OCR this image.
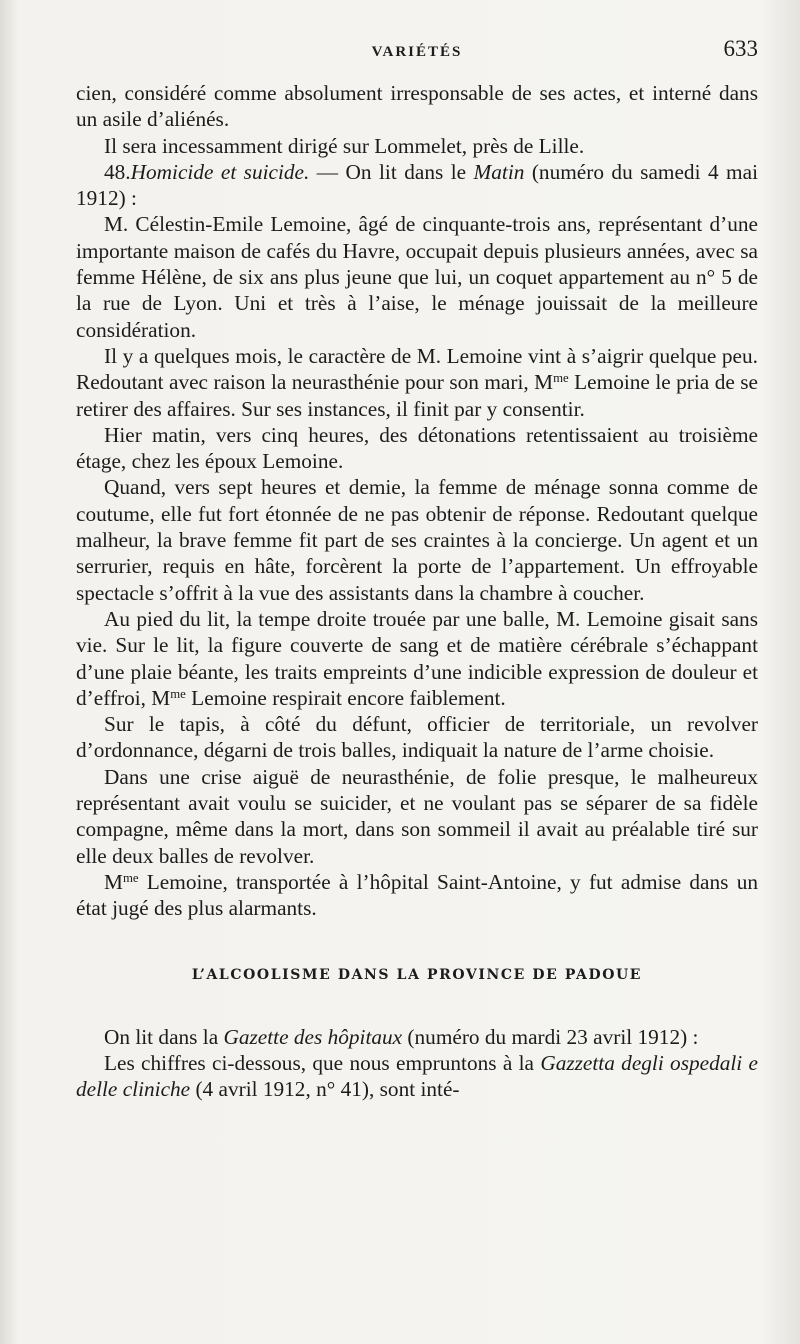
VARIÉTÉS	633

cien, considéré comme absolument irresponsable de ses actes, et interné dans un asile d’aliénés.

Il sera incessamment dirigé sur Lommelet, près de Lille.

48.Homicide et suicide. — On lit dans le Matin (numéro du samedi 4 mai 1912) :

M. Célestin-Emile Lemoine, âgé de cinquante-trois ans, représentant d’une importante maison de cafés du Havre, occupait depuis plusieurs années, avec sa femme Hélène, de six ans plus jeune que lui, un coquet appartement au n° 5 de la rue de Lyon. Uni et très à l’aise, le ménage jouissait de la meilleure considération.

Il y a quelques mois, le caractère de M. Lemoine vint à s’aigrir quelque peu. Redoutant avec raison la neurasthénie pour son mari, $M^{me}$ Lemoine le pria de se retirer des affaires. Sur ses instances, il finit par y consentir.

Hier matin, vers cinq heures, des détonations retentissaient au troisième étage, chez les époux Lemoine.

Quand, vers sept heures et demie, la femme de ménage sonna comme de coutume, elle fut fort étonnée de ne pas obtenir de réponse. Redoutant quelque malheur, la brave femme fit part de ses craintes à la concierge. Un agent et un serrurier, requis en hâte, forcèrent la porte de l’appartement. Un effroyable spectacle s’offrit à la vue des assistants dans la chambre à coucher.

Au pied du lit, la tempe droite trouée par une balle, M. Lemoine gisait sans vie. Sur le lit, la figure couverte de sang et de matière cérébrale s’échappant d’une plaie béante, les traits empreints d’une indicible expression de douleur et d’effroi, $M^{me}$ Lemoine respirait encore faiblement.

Sur le tapis, à côté du défunt, officier de territoriale, un revolver d’ordonnance, dégarni de trois balles, indiquait la nature de l’arme choisie.

Dans une crise aiguë de neurasthénie, de folie presque, le malheureux représentant avait voulu se suicider, et ne voulant pas se séparer de sa fidèle compagne, même dans la mort, dans son sommeil il avait au préalable tiré sur elle deux balles de revolver.

$M^{me}$ Lemoine, transportée à l’hôpital Saint-Antoine, y fut admise dans un état jugé des plus alarmants.

L’ALCOOLISME DANS LA PROVINCE DE PADOUE

On lit dans la Gazette des hôpitaux (numéro du mardi 23 avril 1912) :

Les chiffres ci-dessous, que nous empruntons à la Gazzetta degli ospedali e delle cliniche (4 avril 1912, n° 41), sont inté-
